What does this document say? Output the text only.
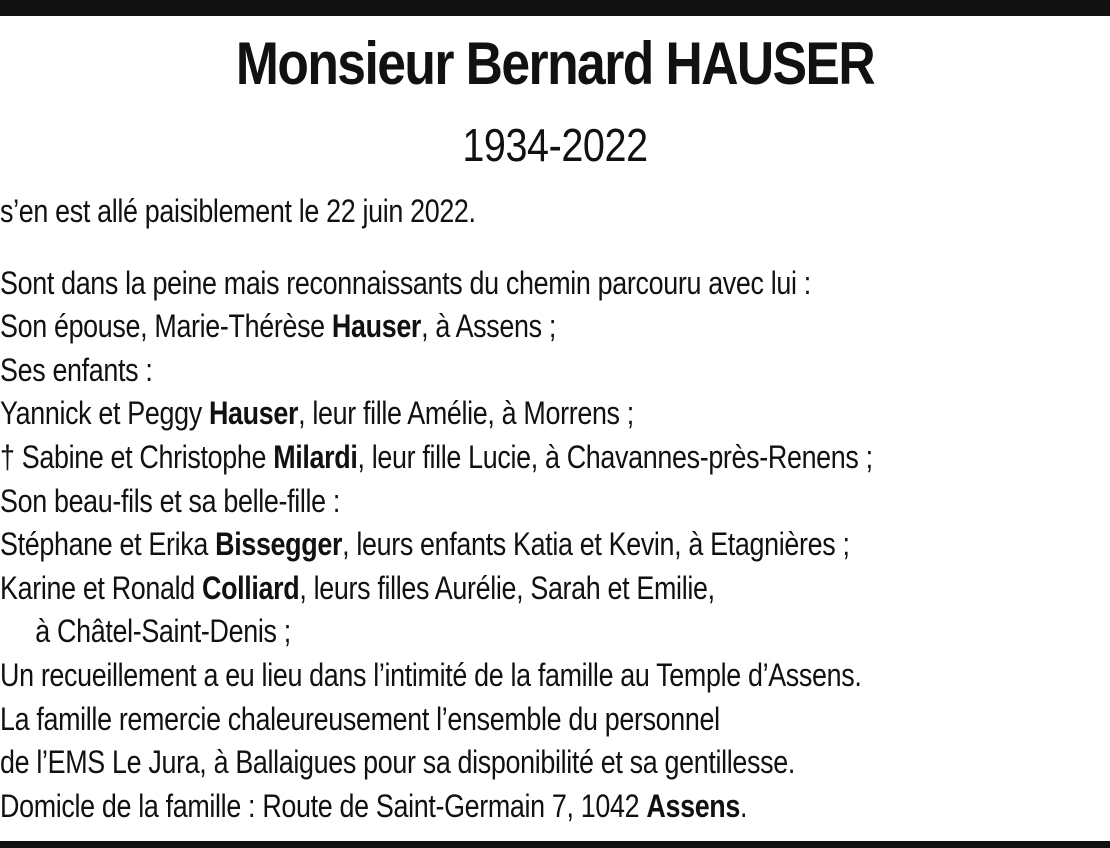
Monsieur Bernard HAUSER
1934-2022
s’en est allé paisiblement le 22 juin 2022.
Sont dans la peine mais reconnaissants du chemin parcouru avec lui :
Son épouse, Marie-Thérèse Hauser, à Assens ;
Ses enfants :
Yannick et Peggy Hauser, leur fille Amélie, à Morrens ;
† Sabine et Christophe Milardi, leur fille Lucie, à Chavannes-près-Renens ;
Son beau-fils et sa belle-fille :
Stéphane et Erika Bissegger, leurs enfants Katia et Kevin, à Etagnières ;
Karine et Ronald Colliard, leurs filles Aurélie, Sarah et Emilie,
à Châtel-Saint-Denis ;
Un recueillement a eu lieu dans l’intimité de la famille au Temple d’Assens.
La famille remercie chaleureusement l’ensemble du personnel
de l’EMS Le Jura, à Ballaigues pour sa disponibilité et sa gentillesse.
Domicle de la famille : Route de Saint-Germain 7, 1042 Assens.
